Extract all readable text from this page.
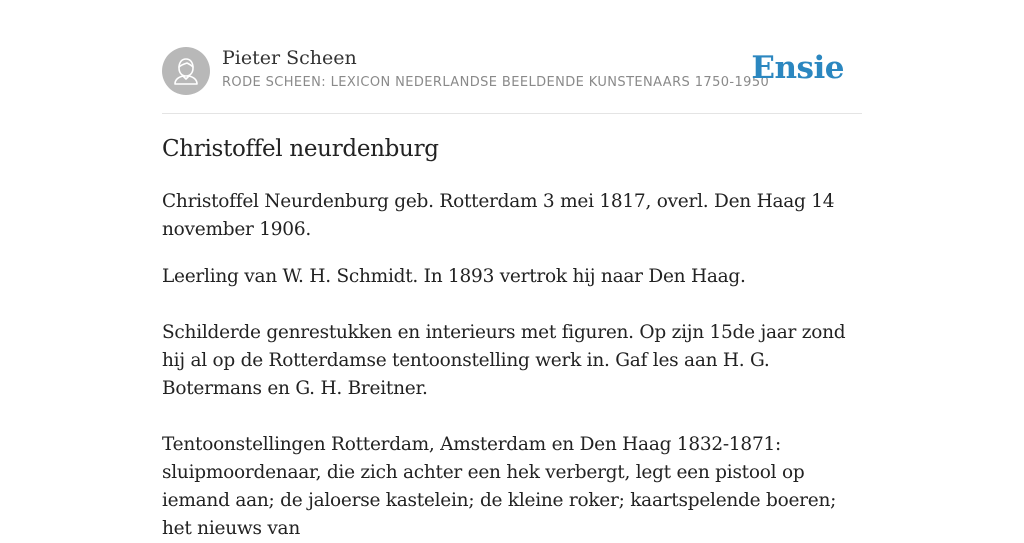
Pieter Scheen
RODE SCHEEN: LEXICON NEDERLANDSE BEELDENDE KUNSTENAARS 1750-1950
Ensie
Christoffel neurdenburg

Christoffel Neurdenburg geb. Rotterdam 3 mei 1817, overl. Den Haag 14 november 1906.

Leerling van W. H. Schmidt. In 1893 vertrok hij naar Den Haag.

Schilderde genrestukken en interieurs met figuren. Op zijn 15de jaar zond hij al op de Rotterdamse tentoonstelling werk in. Gaf les aan H. G. Botermans en G. H. Breitner.

Tentoonstellingen Rotterdam, Amsterdam en Den Haag 1832-1871: sluipmoordenaar, die zich achter een hek verbergt, legt een pistool op iemand aan; de jaloerse kastelein; de kleine roker; kaartspelende boeren; het nieuws van
